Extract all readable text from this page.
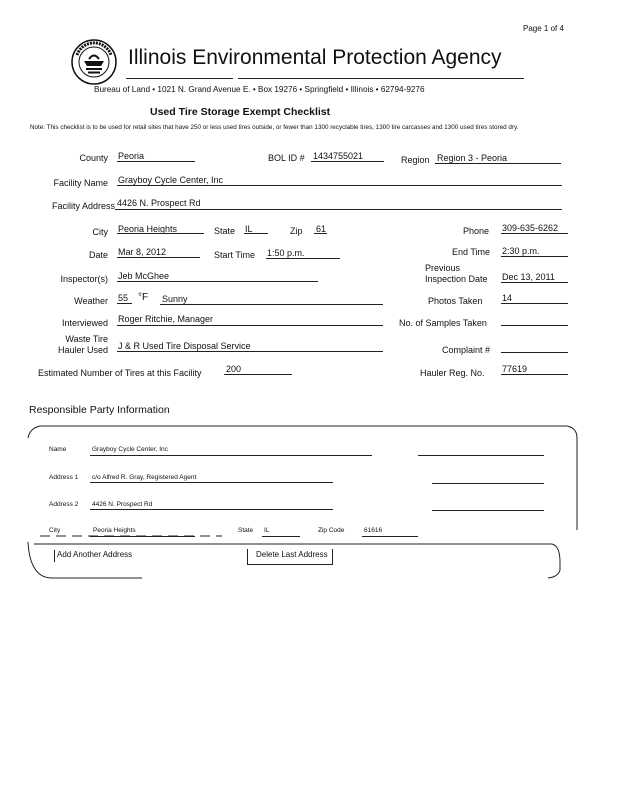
Page 1 of 4
Illinois Environmental Protection Agency
Bureau of Land • 1021 N. Grand Avenue E. • Box 19276 • Springfield • Illinois • 62794-9276
Used Tire Storage Exempt Checklist
Note: This checklist is to be used for retail sites that have 250 or less used tires outside, or fewer than 1300 recyclable tires, 1300 tire carcasses and 1300 used tires stored dry.
County Peoria	BOL ID # 1434755021	Region Region 3 - Peoria
Facility Name Grayboy Cycle Center, Inc
Facility Address 4426 N. Prospect Rd
City Peoria Heights	State IL	Zip 61	Phone 309-635-6262
Date Mar 8, 2012	Start Time 1:50 p.m.	End Time 2:30 p.m.
Inspector(s) Jeb McGhee
Previous
Inspection Date Dec 13, 2011
Weather 55 °F Sunny	Photos Taken 14
Interviewed Roger Ritchie, Manager	No. of Samples Taken
Waste Tire
Hauler Used J & R Used Tire Disposal Service	Complaint #
Estimated Number of Tires at this Facility	200	Hauler Reg. No. 77619
Responsible Party Information
Name	Grayboy Cycle Center, Inc
Address 1 c/o Alfred R. Gray, Registered Agent
Address 2 4426 N. Prospect Rd
City	Peoria Heights	State IL	Zip Code	61616
Add Another Address	Delete Last Address
